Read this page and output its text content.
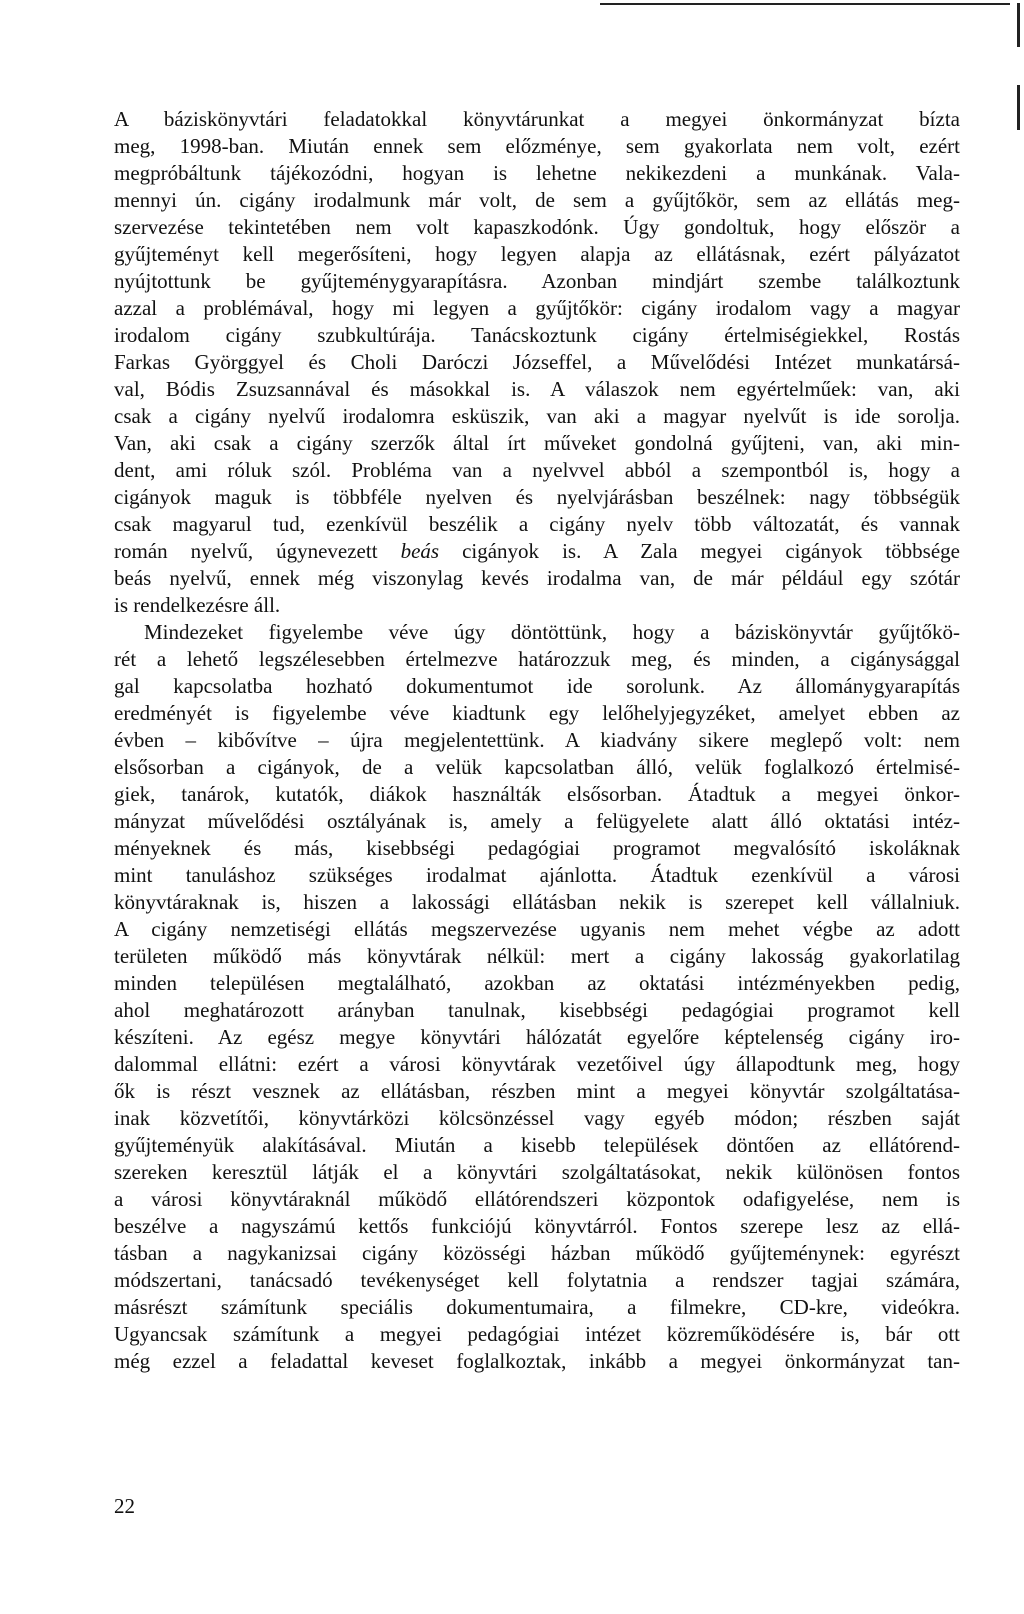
A báziskönyvtári feladatokkal könyvtárunkat a megyei önkormányzat bízta
meg, 1998-ban. Miután ennek sem előzménye, sem gyakorlata nem volt, ezért
megpróbáltunk tájékozódni, hogyan is lehetne nekikezdeni a munkának. Vala-
mennyi ún. cigány irodalmunk már volt, de sem a gyűjtőkör, sem az ellátás meg-
szervezése tekintetében nem volt kapaszkodónk. Úgy gondoltuk, hogy először a
gyűjteményt kell megerősíteni, hogy legyen alapja az ellátásnak, ezért pályázatot
nyújtottunk be gyűjteménygyarapításra. Azonban mindjárt szembe találkoztunk
azzal a problémával, hogy mi legyen a gyűjtőkör: cigány irodalom vagy a magyar
irodalom cigány szubkultúrája. Tanácskoztunk cigány értelmiségiekkel, Rostás
Farkas Györggyel és Choli Daróczi Józseffel, a Művelődési Intézet munkatársá-
val, Bódis Zsuzsannával és másokkal is. A válaszok nem egyértelműek: van, aki
csak a cigány nyelvű irodalomra esküszik, van aki a magyar nyelvűt is ide sorolja.
Van, aki csak a cigány szerzők által írt műveket gondolná gyűjteni, van, aki min-
dent, ami róluk szól. Probléma van a nyelvvel abból a szempontból is, hogy a
cigányok maguk is többféle nyelven és nyelvjárásban beszélnek: nagy többségük
csak magyarul tud, ezenkívül beszélik a cigány nyelv több változatát, és vannak
román nyelvű, úgynevezett beás cigányok is. A Zala megyei cigányok többsége
beás nyelvű, ennek még viszonylag kevés irodalma van, de már például egy szótár
is rendelkezésre áll.
Mindezeket figyelembe véve úgy döntöttünk, hogy a báziskönyvtár gyűjtőkö-
rét a lehető legszélesebben értelmezve határozzuk meg, és minden, a cigánysággal
gal kapcsolatba hozható dokumentumot ide sorolunk. Az állománygyarapítás
eredményét is figyelembe véve kiadtunk egy lelőhelyjegyzéket, amelyet ebben az
évben – kibővítve – újra megjelentettünk. A kiadvány sikere meglepő volt: nem
elsősorban a cigányok, de a velük kapcsolatban álló, velük foglalkozó értelmisé-
giek, tanárok, kutatók, diákok használták elsősorban. Átadtuk a megyei önkor-
mányzat művelődési osztályának is, amely a felügyelete alatt álló oktatási intéz-
ményeknek és más, kisebbségi pedagógiai programot megvalósító iskoláknak
mint tanuláshoz szükséges irodalmat ajánlotta. Átadtuk ezenkívül a városi
könyvtáraknak is, hiszen a lakossági ellátásban nekik is szerepet kell vállalniuk.
A cigány nemzetiségi ellátás megszervezése ugyanis nem mehet végbe az adott
területen működő más könyvtárak nélkül: mert a cigány lakosság gyakorlatilag
minden településen megtalálható, azokban az oktatási intézményekben pedig,
ahol meghatározott arányban tanulnak, kisebbségi pedagógiai programot kell
készíteni. Az egész megye könyvtári hálózatát egyelőre képtelenség cigány iro-
dalommal ellátni: ezért a városi könyvtárak vezetőivel úgy állapodtunk meg, hogy
ők is részt vesznek az ellátásban, részben mint a megyei könyvtár szolgáltatása-
inak közvetítői, könyvtárközi kölcsönzéssel vagy egyéb módon; részben saját
gyűjteményük alakításával. Miután a kisebb települések döntően az ellátórend-
szereken keresztül látják el a könyvtári szolgáltatásokat, nekik különösen fontos
a városi könyvtáraknál működő ellátórendszeri központok odafigyelése, nem is
beszélve a nagyszámú kettős funkciójú könyvtárról. Fontos szerepe lesz az ellá-
tásban a nagykanizsai cigány közösségi házban működő gyűjteménynek: egyrészt
módszertani, tanácsadó tevékenységet kell folytatnia a rendszer tagjai számára,
másrészt számítunk speciális dokumentumaira, a filmekre, CD-kre, videókra.
Ugyancsak számítunk a megyei pedagógiai intézet közreműködésére is, bár ott
még ezzel a feladattal keveset foglalkoztak, inkább a megyei önkormányzat tan-
22
